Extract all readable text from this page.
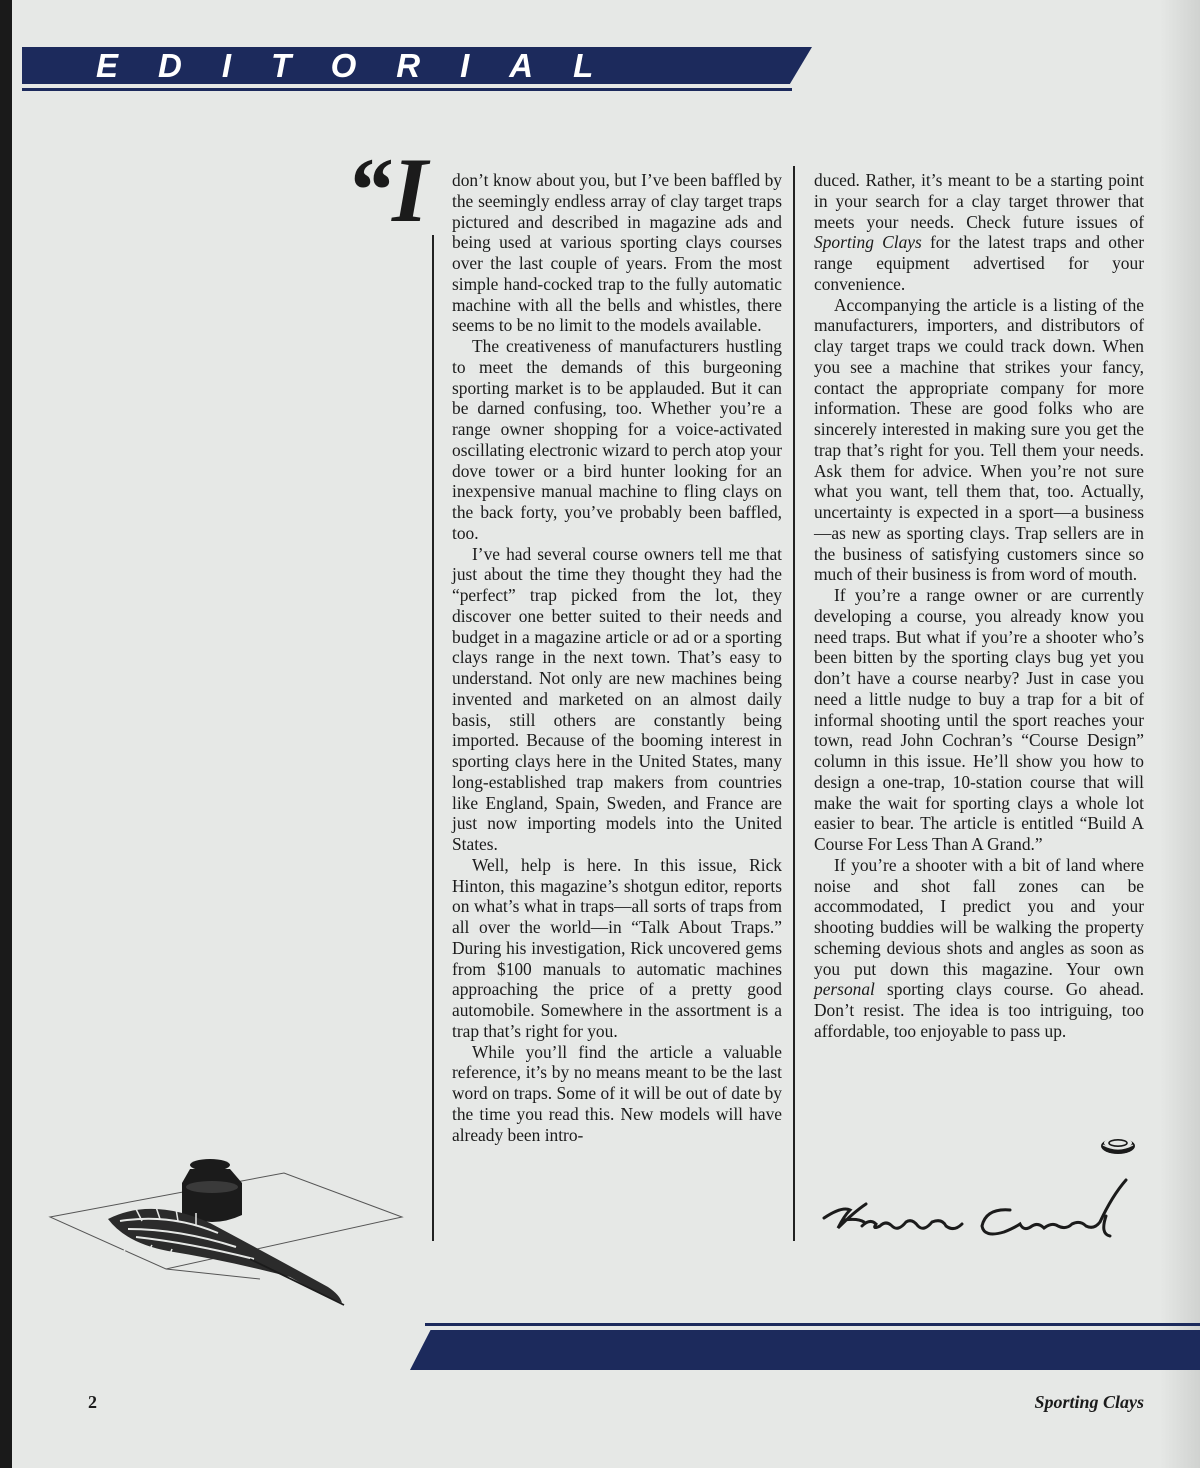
EDITORIAL
“I don’t know about you, but I’ve been baffled by the seemingly endless array of clay target traps pictured and described in magazine ads and being used at various sporting clays courses over the last couple of years. From the most simple hand-cocked trap to the fully automatic machine with all the bells and whistles, there seems to be no limit to the models available.

The creativeness of manufacturers hustling to meet the demands of this burgeoning sporting market is to be applauded. But it can be darned confusing, too. Whether you’re a range owner shopping for a voice-activated oscillating electronic wizard to perch atop your dove tower or a bird hunter looking for an inexpensive manual machine to fling clays on the back forty, you’ve probably been baffled, too.

I’ve had several course owners tell me that just about the time they thought they had the “perfect” trap picked from the lot, they discover one better suited to their needs and budget in a magazine article or ad or a sporting clays range in the next town. That’s easy to understand. Not only are new machines being invented and marketed on an almost daily basis, still others are constantly being imported. Because of the booming interest in sporting clays here in the United States, many long-established trap makers from countries like England, Spain, Sweden, and France are just now importing models into the United States.

Well, help is here. In this issue, Rick Hinton, this magazine’s shotgun editor, reports on what’s what in traps—all sorts of traps from all over the world—in “Talk About Traps.” During his investigation, Rick uncovered gems from $100 manuals to automatic machines approaching the price of a pretty good automobile. Somewhere in the assortment is a trap that’s right for you.

While you’ll find the article a valuable reference, it’s by no means meant to be the last word on traps. Some of it will be out of date by the time you read this. New models will have already been intro-

duced. Rather, it’s meant to be a starting point in your search for a clay target thrower that meets your needs. Check future issues of Sporting Clays for the latest traps and other range equipment advertised for your convenience.

Accompanying the article is a listing of the manufacturers, importers, and distributors of clay target traps we could track down. When you see a machine that strikes your fancy, contact the appropriate company for more information. These are good folks who are sincerely interested in making sure you get the trap that’s right for you. Tell them your needs. Ask them for advice. When you’re not sure what you want, tell them that, too. Actually, uncertainty is expected in a sport—a business—as new as sporting clays. Trap sellers are in the business of satisfying customers since so much of their business is from word of mouth.

If you’re a range owner or are currently developing a course, you already know you need traps. But what if you’re a shooter who’s been bitten by the sporting clays bug yet you don’t have a course nearby? Just in case you need a little nudge to buy a trap for a bit of informal shooting until the sport reaches your town, read John Cochran’s “Course Design” column in this issue. He’ll show you how to design a one-trap, 10-station course that will make the wait for sporting clays a whole lot easier to bear. The article is entitled “Build A Course For Less Than A Grand.”

If you’re a shooter with a bit of land where noise and shot fall zones can be accommodated, I predict you and your shooting buddies will be walking the property scheming devious shots and angles as soon as you put down this magazine. Your own personal sporting clays course. Go ahead. Don’t resist. The idea is too intriguing, too affordable, too enjoyable to pass up.

2	Sporting Clays
